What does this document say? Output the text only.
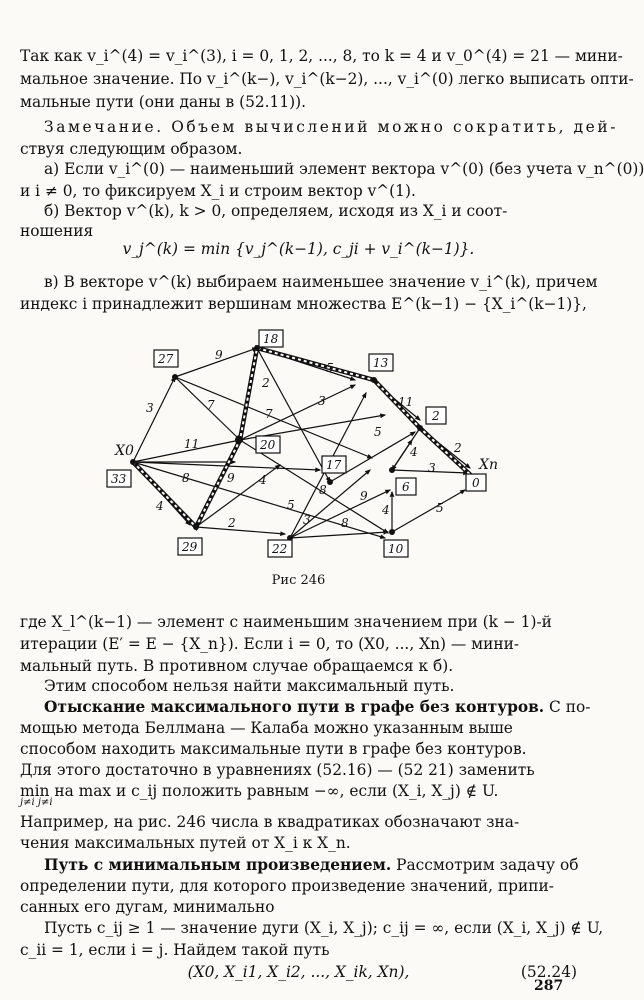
Так как v_i^(4) = v_i^(3), i = 0, 1, 2, ..., 8, то k = 4 и v_0^(4) = 21 — мини-
мальное значение. По v_i^(k−), v_i^(k−2), ..., v_i^(0) легко выписать опти-
мальные пути (они даны в (52.11)).
Замечание. Объем вычислений можно сократить, дей-
ствуя следующим образом.
а) Если v_i^(0) — наименьший элемент вектора v^(0) (без учета v_n^(0))
и i ≠ 0, то фиксируем X_i и строим вектор v^(1).
б) Вектор v^(k), k > 0, определяем, исходя из X_i и соот-
ношения
v_j^(k) = min {v_j^(k−1), c_ji + v_i^(k−1)}.
в) В векторе v^(k) выбираем наименьшее значение v_i^(k), причем
индекс i принадлежит вершинам множества E^(k−1) − {X_i^(k−1)},
33
27
18
13
2
20
17
6	0
29	22	10
X0
Xn
3
9
5
2
7
7
11
3
8
4
5
4	2
8
3
9
4
4
5	5
9
2	8
11
3
Рис 246
где X_l^(k−1) — элемент с наименьшим значением при (k − 1)-й
итерации (E′ = E − {X_n}). Если i = 0, то (X0, ..., Xn) — мини-
мальный путь. В противном случае обращаемся к б).
Этим способом нельзя найти максимальный путь.
Отыскание максимального пути в графе без контуров. С по-
мощью метода Беллмана — Калаба можно указанным выше
способом находить максимальные пути в графе без контуров.
Для этого достаточно в уравнениях (52.16) — (52 21) заменить
min на max и c_ij положить равным −∞, если (X_i, X_j) ∉ U.
j≠i j≠i
Например, на рис. 246 числа в квадратиках обозначают зна-
чения максимальных путей от X_i к X_n.
Путь с минимальным произведением. Рассмотрим задачу об
определении пути, для которого произведение значений, припи-
санных его дугам, минимально
Пусть c_ij ≥ 1 — значение дуги (X_i, X_j); c_ij = ∞, если (X_i, X_j) ∉ U,
c_ii = 1, если i = j. Найдем такой путь
(X0, X_i1, X_i2, ..., X_ik, Xn),	(52.24)
287
